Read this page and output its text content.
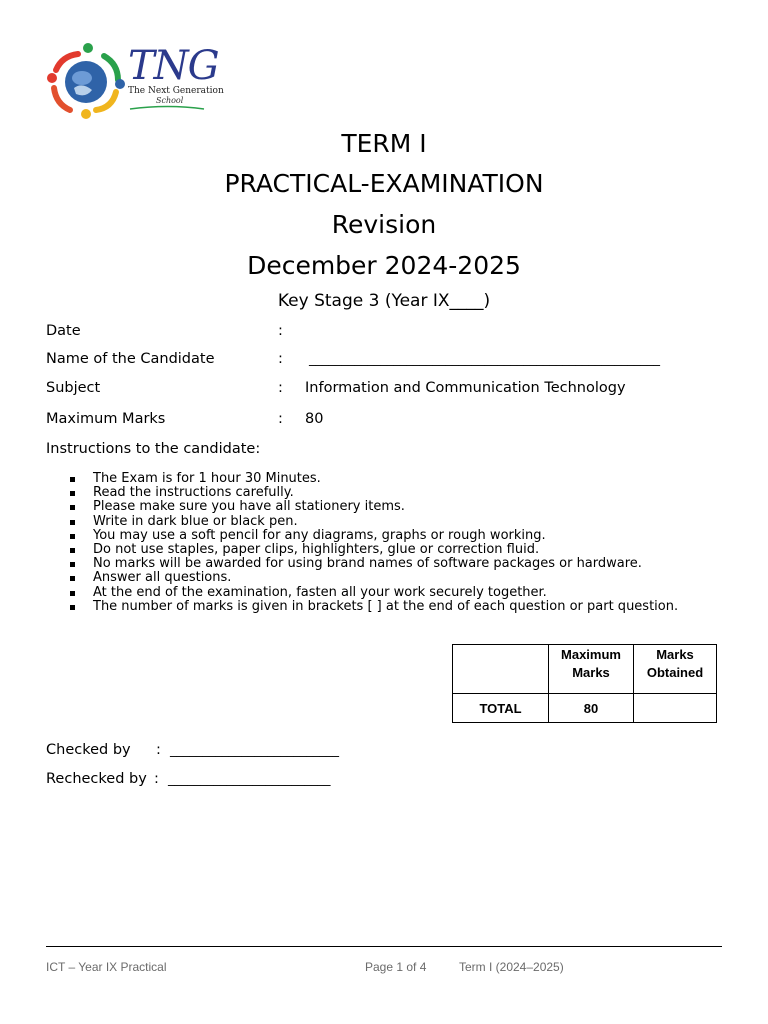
TNG
The Next Generation
School
TERM I
PRACTICAL-EXAMINATION
Revision
December 2024-2025
Key Stage 3 (Year IX____)
Date	:
Name of the Candidate	: ______________________________________________________
Subject	: Information and Communication Technology
Maximum Marks	: 80
Instructions to the candidate:
The Exam is for 1 hour 30 Minutes.
Read the instructions carefully.
Please make sure you have all stationery items.
Write in dark blue or black pen.
You may use a soft pencil for any diagrams, graphs or rough working.
Do not use staples, paper clips, highlighters, glue or correction fluid.
No marks will be awarded for using brand names of software packages or hardware.
Answer all questions.
At the end of the examination, fasten all your work securely together.
The number of marks is given in brackets [ ] at the end of each question or part question.

	Maximum Marks	Marks Obtained

TOTAL	80	
Checked by : __________________________
Rechecked by : _________________________
ICT – Year IX Practical	Page 1 of 4	Term I (2024–2025)
